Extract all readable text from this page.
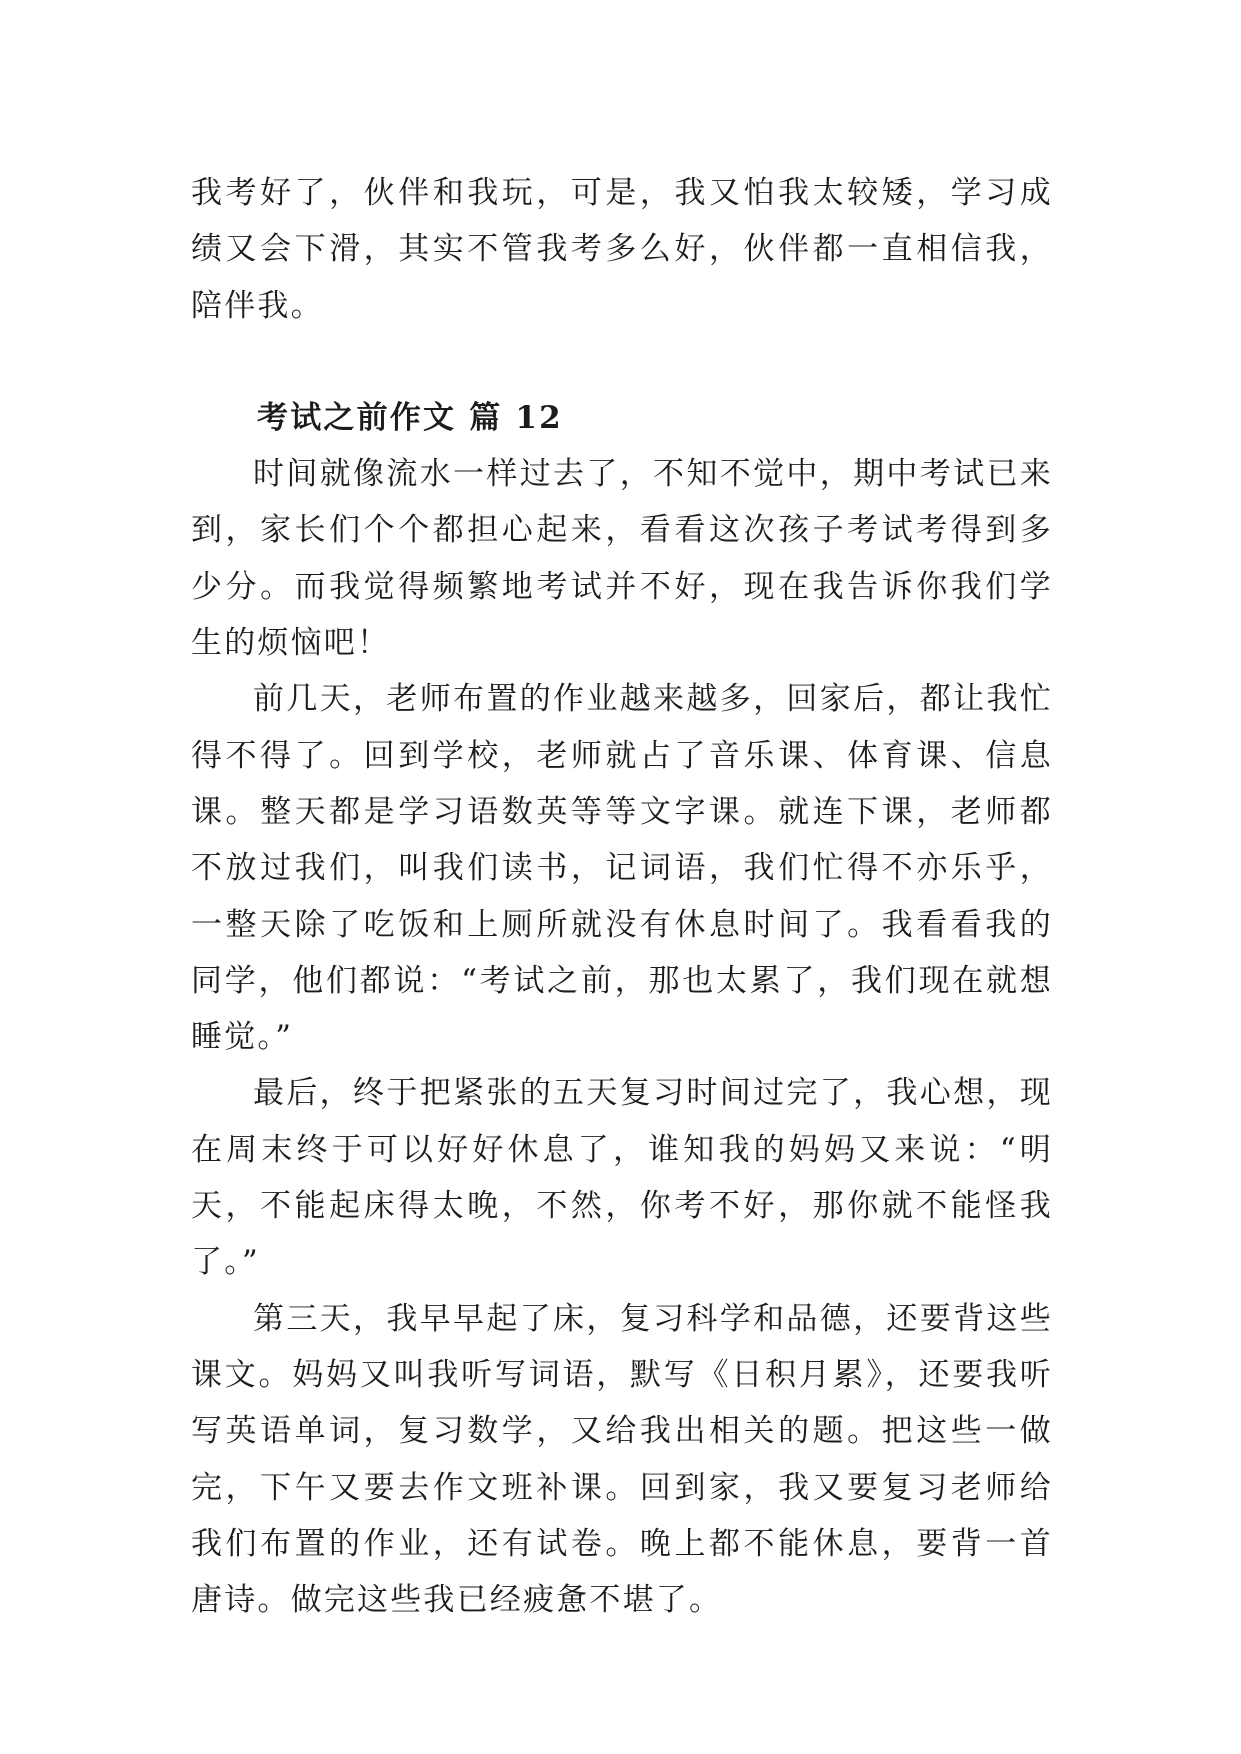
我考好了，伙伴和我玩，可是，我又怕我太较矮，学习成绩又会下滑，其实不管我考多么好，伙伴都一直相信我，陪伴我。

考试之前作文 篇 12

时间就像流水一样过去了，不知不觉中，期中考试已来到，家长们个个都担心起来，看看这次孩子考试考得到多少分。而我觉得频繁地考试并不好，现在我告诉你我们学生的烦恼吧！

前几天，老师布置的作业越来越多，回家后，都让我忙得不得了。回到学校，老师就占了音乐课、体育课、信息课。整天都是学习语数英等等文字课。就连下课，老师都不放过我们，叫我们读书，记词语，我们忙得不亦乐乎，一整天除了吃饭和上厕所就没有休息时间了。我看看我的同学，他们都说：“考试之前，那也太累了，我们现在就想睡觉。”

最后，终于把紧张的五天复习时间过完了，我心想，现在周末终于可以好好休息了，谁知我的妈妈又来说：“明天，不能起床得太晚，不然，你考不好，那你就不能怪我了。”

第三天，我早早起了床，复习科学和品德，还要背这些课文。妈妈又叫我听写词语，默写《日积月累》，还要我听写英语单词，复习数学，又给我出相关的题。把这些一做完，下午又要去作文班补课。回到家，我又要复习老师给我们布置的作业，还有试卷。晚上都不能休息，要背一首唐诗。做完这些我已经疲惫不堪了。
